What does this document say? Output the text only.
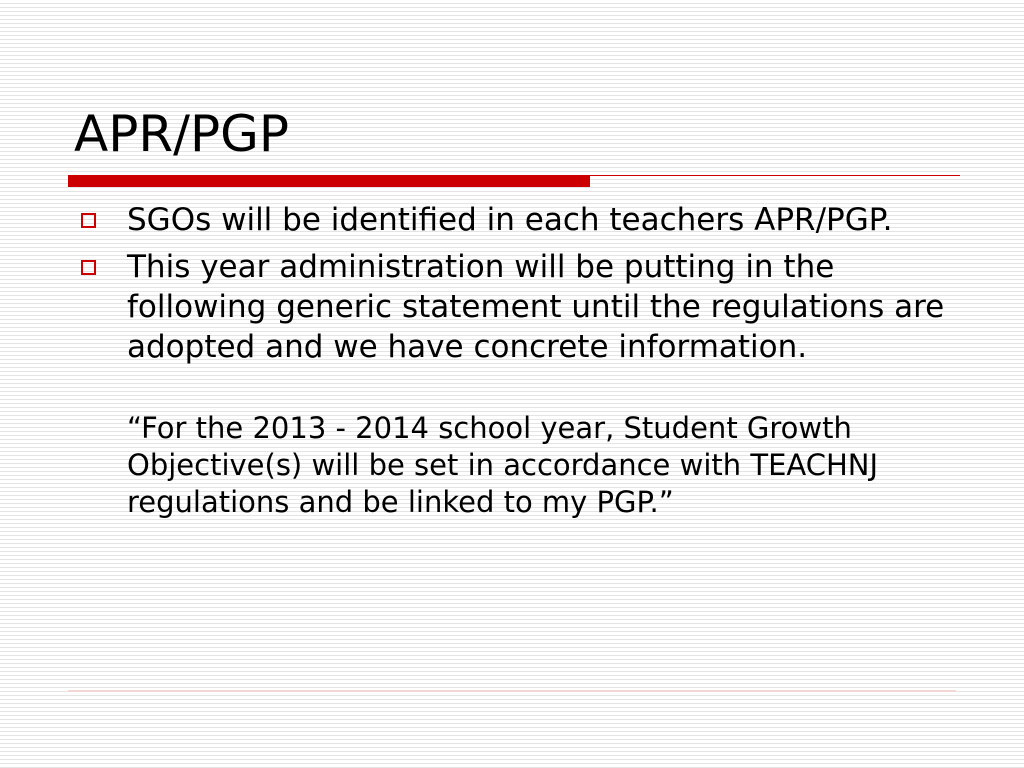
APR/PGP
SGOs will be identified in each teachers APR/PGP.
This year administration will be putting in the following generic statement until the regulations are adopted and we have concrete information.
“For the 2013 - 2014 school year, Student Growth Objective(s) will be set in accordance with TEACHNJ regulations and be linked to my PGP.”
